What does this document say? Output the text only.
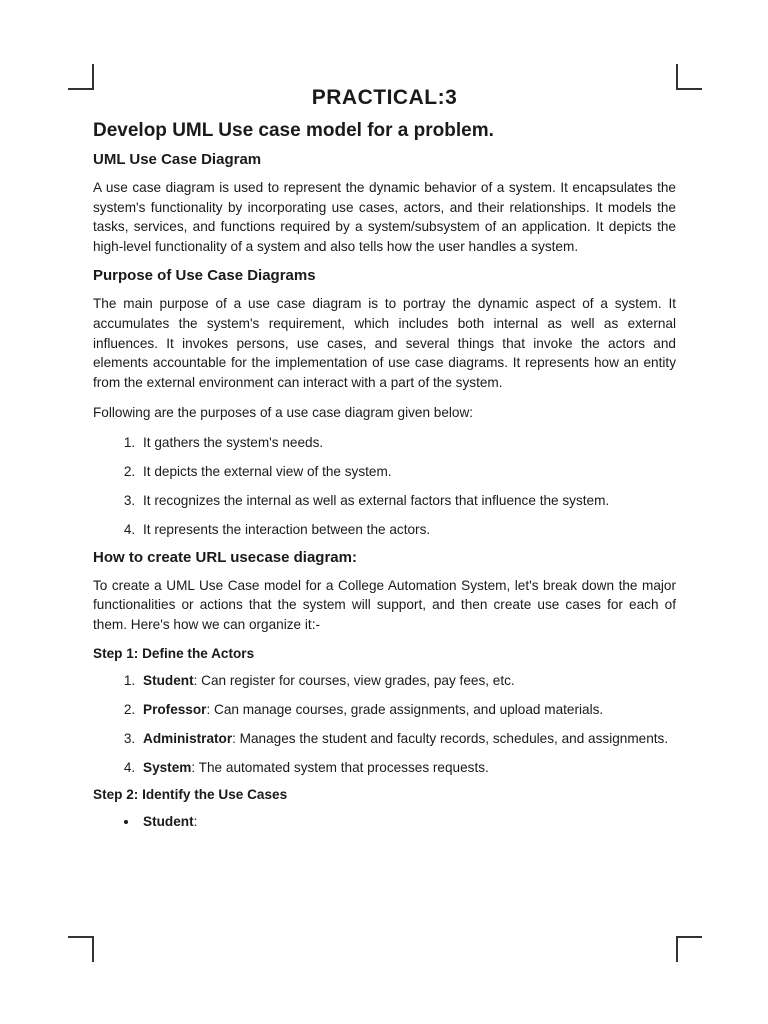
PRACTICAL:3
Develop UML Use case model for a problem.
UML Use Case Diagram

A use case diagram is used to represent the dynamic behavior of a system. It encapsulates the system's functionality by incorporating use cases, actors, and their relationships. It models the tasks, services, and functions required by a system/subsystem of an application. It depicts the high-level functionality of a system and also tells how the user handles a system.

Purpose of Use Case Diagrams

The main purpose of a use case diagram is to portray the dynamic aspect of a system. It accumulates the system's requirement, which includes both internal as well as external influences. It invokes persons, use cases, and several things that invoke the actors and elements accountable for the implementation of use case diagrams. It represents how an entity from the external environment can interact with a part of the system.

Following are the purposes of a use case diagram given below:

1. It gathers the system's needs.
2. It depicts the external view of the system.
3. It recognizes the internal as well as external factors that influence the system.
4. It represents the interaction between the actors.
How to create URL usecase diagram:

To create a UML Use Case model for a College Automation System, let's break down the major functionalities or actions that the system will support, and then create use cases for each of them. Here's how we can organize it:-

Step 1: Define the Actors
1. Student: Can register for courses, view grades, pay fees, etc.
2. Professor: Can manage courses, grade assignments, and upload materials.
3. Administrator: Manages the student and faculty records, schedules, and assignments.
4. System: The automated system that processes requests.
Step 2: Identify the Use Cases
• Student:
